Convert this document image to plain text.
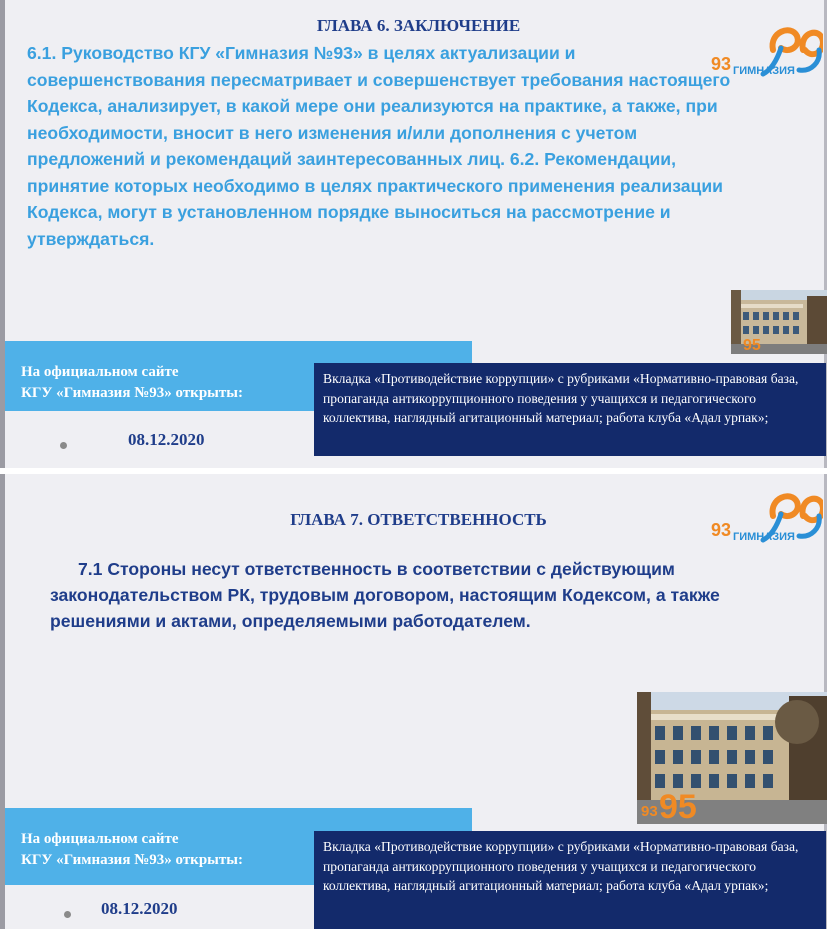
ГЛАВА 6. ЗАКЛЮЧЕНИЕ

6.1. Руководство КГУ «Гимназия №93» в целях актуализации и совершенствования пересматривает и совершенствует требования настоящего Кодекса, анализирует, в какой мере они реализуются на практике, а также, при необходимости, вносит в него изменения и/или дополнения с учетом предложений и рекомендаций заинтересованных лиц. 6.2. Рекомендации, принятие которых необходимо в целях практического применения реализации Кодекса, могут в установленном порядке выноситься на рассмотрение и утверждаться.

93 ГИМНАЗИЯ
95
На официальном сайте
КГУ «Гимназия №93» открыты:
08.12.2020
Вкладка «Противодействие коррупции» с рубриками «Нормативно-правовая база, пропаганда антикоррупционного поведения у учащихся и педагогического коллектива, наглядный агитационный материал; работа клуба «Адал урпак»;
ГЛАВА 7. ОТВЕТСТВЕННОСТЬ

7.1 Стороны несут ответственность в соответствии с действующим законодательством РК, трудовым договором, настоящим Кодексом, а также решениями и актами, определяемыми работодателем.

93 ГИМНАЗИЯ
93 95
На официальном сайте
КГУ «Гимназия №93» открыты:
08.12.2020
Вкладка «Противодействие коррупции» с рубриками «Нормативно-правовая база, пропаганда антикоррупционного поведения у учащихся и педагогического коллектива, наглядный агитационный материал; работа клуба «Адал урпак»;
